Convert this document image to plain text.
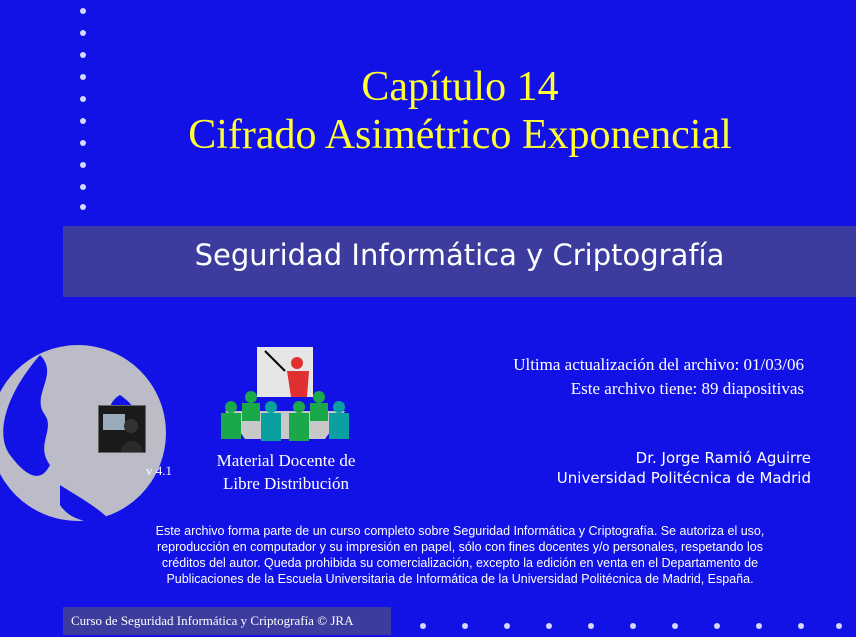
Capítulo 14
Cifrado Asimétrico Exponencial
Seguridad Informática y Criptografía
v 4.1
Material Docente de
Libre Distribución
Ultima actualización del archivo: 01/03/06
Este archivo tiene: 89 diapositivas
Dr. Jorge Ramió Aguirre
Universidad Politécnica de Madrid
Este archivo forma parte de un curso completo sobre Seguridad Informática y Criptografía. Se autoriza el uso,
reproducción en computador y su impresión en papel, sólo con fines docentes y/o personales, respetando los
créditos del autor. Queda prohibida su comercialización, excepto la edición en venta en el Departamento de
Publicaciones de la Escuela Universitaria de Informática de la Universidad Politécnica de Madrid, España.
Curso de Seguridad Informática y Criptografía © JRA
